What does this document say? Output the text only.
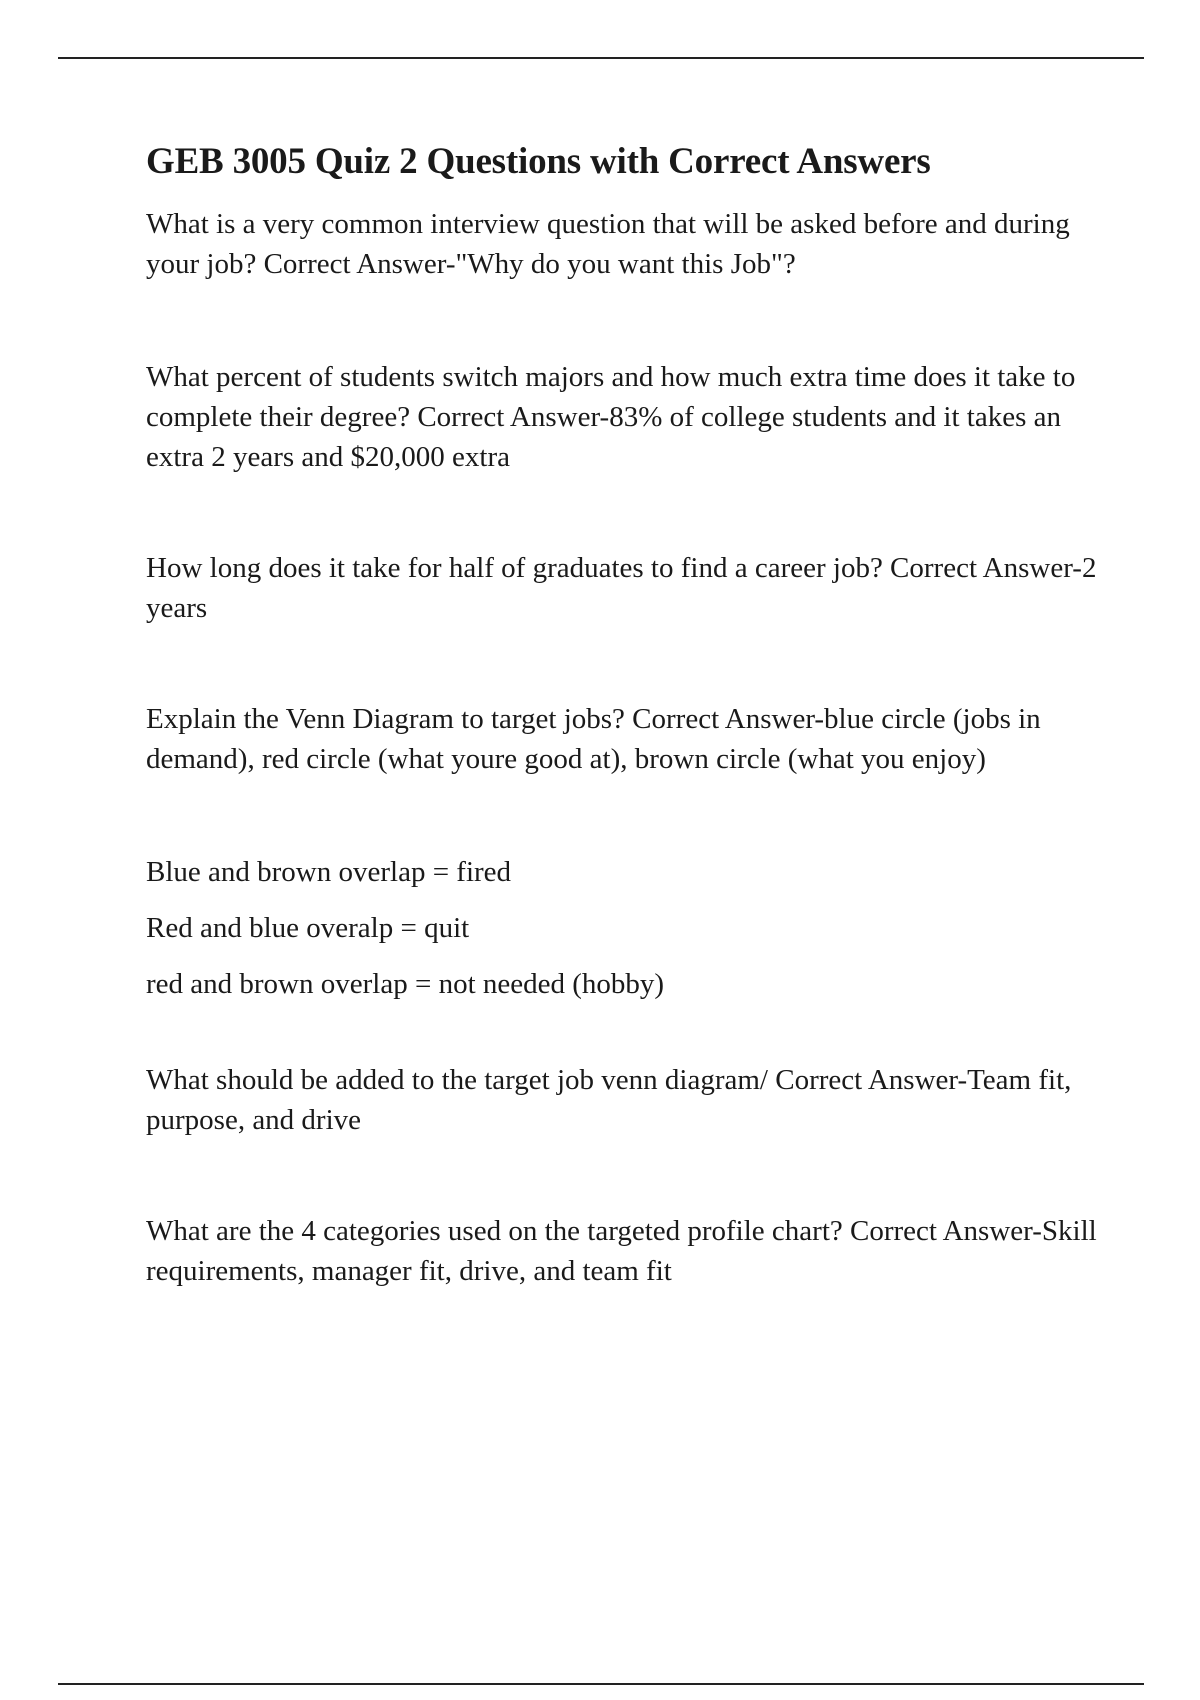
GEB 3005 Quiz 2 Questions with Correct Answers

What is a very common interview question that will be asked before and during your job? Correct Answer-"Why do you want this Job"?

What percent of students switch majors and how much extra time does it take to complete their degree? Correct Answer-83% of college students and it takes an extra 2 years and $20,000 extra

How long does it take for half of graduates to find a career job? Correct Answer-2 years

Explain the Venn Diagram to target jobs? Correct Answer-blue circle (jobs in demand), red circle (what youre good at), brown circle (what you enjoy)

Blue and brown overlap = fired

Red and blue overalp = quit

red and brown overlap = not needed (hobby)

What should be added to the target job venn diagram/ Correct Answer-Team fit, purpose, and drive

What are the 4 categories used on the targeted profile chart? Correct Answer-Skill requirements, manager fit, drive, and team fit
